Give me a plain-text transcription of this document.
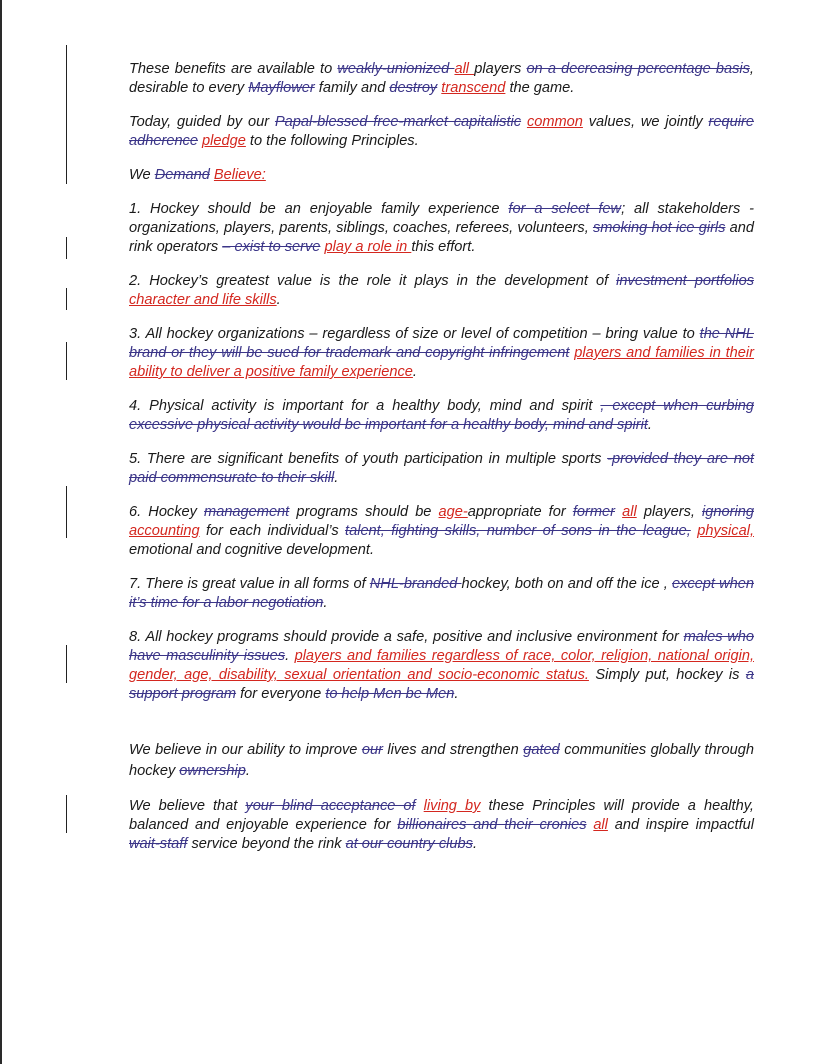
These benefits are available to weakly-unionized all players on a decreasing percentage basis, desirable to every Mayflower family and destroy transcend the game.

Today, guided by our Papal-blessed free-market capitalistic common values, we jointly require adherence pledge to the following Principles.

We Demand Believe:

1. Hockey should be an enjoyable family experience for a select few; all stakeholders - organizations, players, parents, siblings, coaches, referees, volunteers, smoking hot ice girls and rink operators – exist to serve play a role in this effort.

2. Hockey’s greatest value is the role it plays in the development of investment portfolios character and life skills.

3. All hockey organizations – regardless of size or level of competition – bring value to the NHL brand or they will be sued for trademark and copyright infringement players and families in their ability to deliver a positive family experience.

4. Physical activity is important for a healthy body, mind and spirit , except when curbing excessive physical activity would be important for a healthy body, mind and spirit.

5. There are significant benefits of youth participation in multiple sports -provided they are not paid commensurate to their skill.

6. Hockey management programs should be age-appropriate for former all players, ignoring accounting for each individual’s talent, fighting skills, number of sons in the league, physical, emotional and cognitive development.

7. There is great value in all forms of NHL-branded hockey, both on and off the ice , except when it’s time for a labor negotiation.

8. All hockey programs should provide a safe, positive and inclusive environment for males who have masculinity issues. players and families regardless of race, color, religion, national origin, gender, age, disability, sexual orientation and socio-economic status. Simply put, hockey is a support program for everyone to help Men be Men.

We believe in our ability to improve our lives and strengthen gated communities globally through hockey ownership.

We believe that your blind acceptance of living by these Principles will provide a healthy, balanced and enjoyable experience for billionaires and their cronies all and inspire impactful wait-staff service beyond the rink at our country clubs.
